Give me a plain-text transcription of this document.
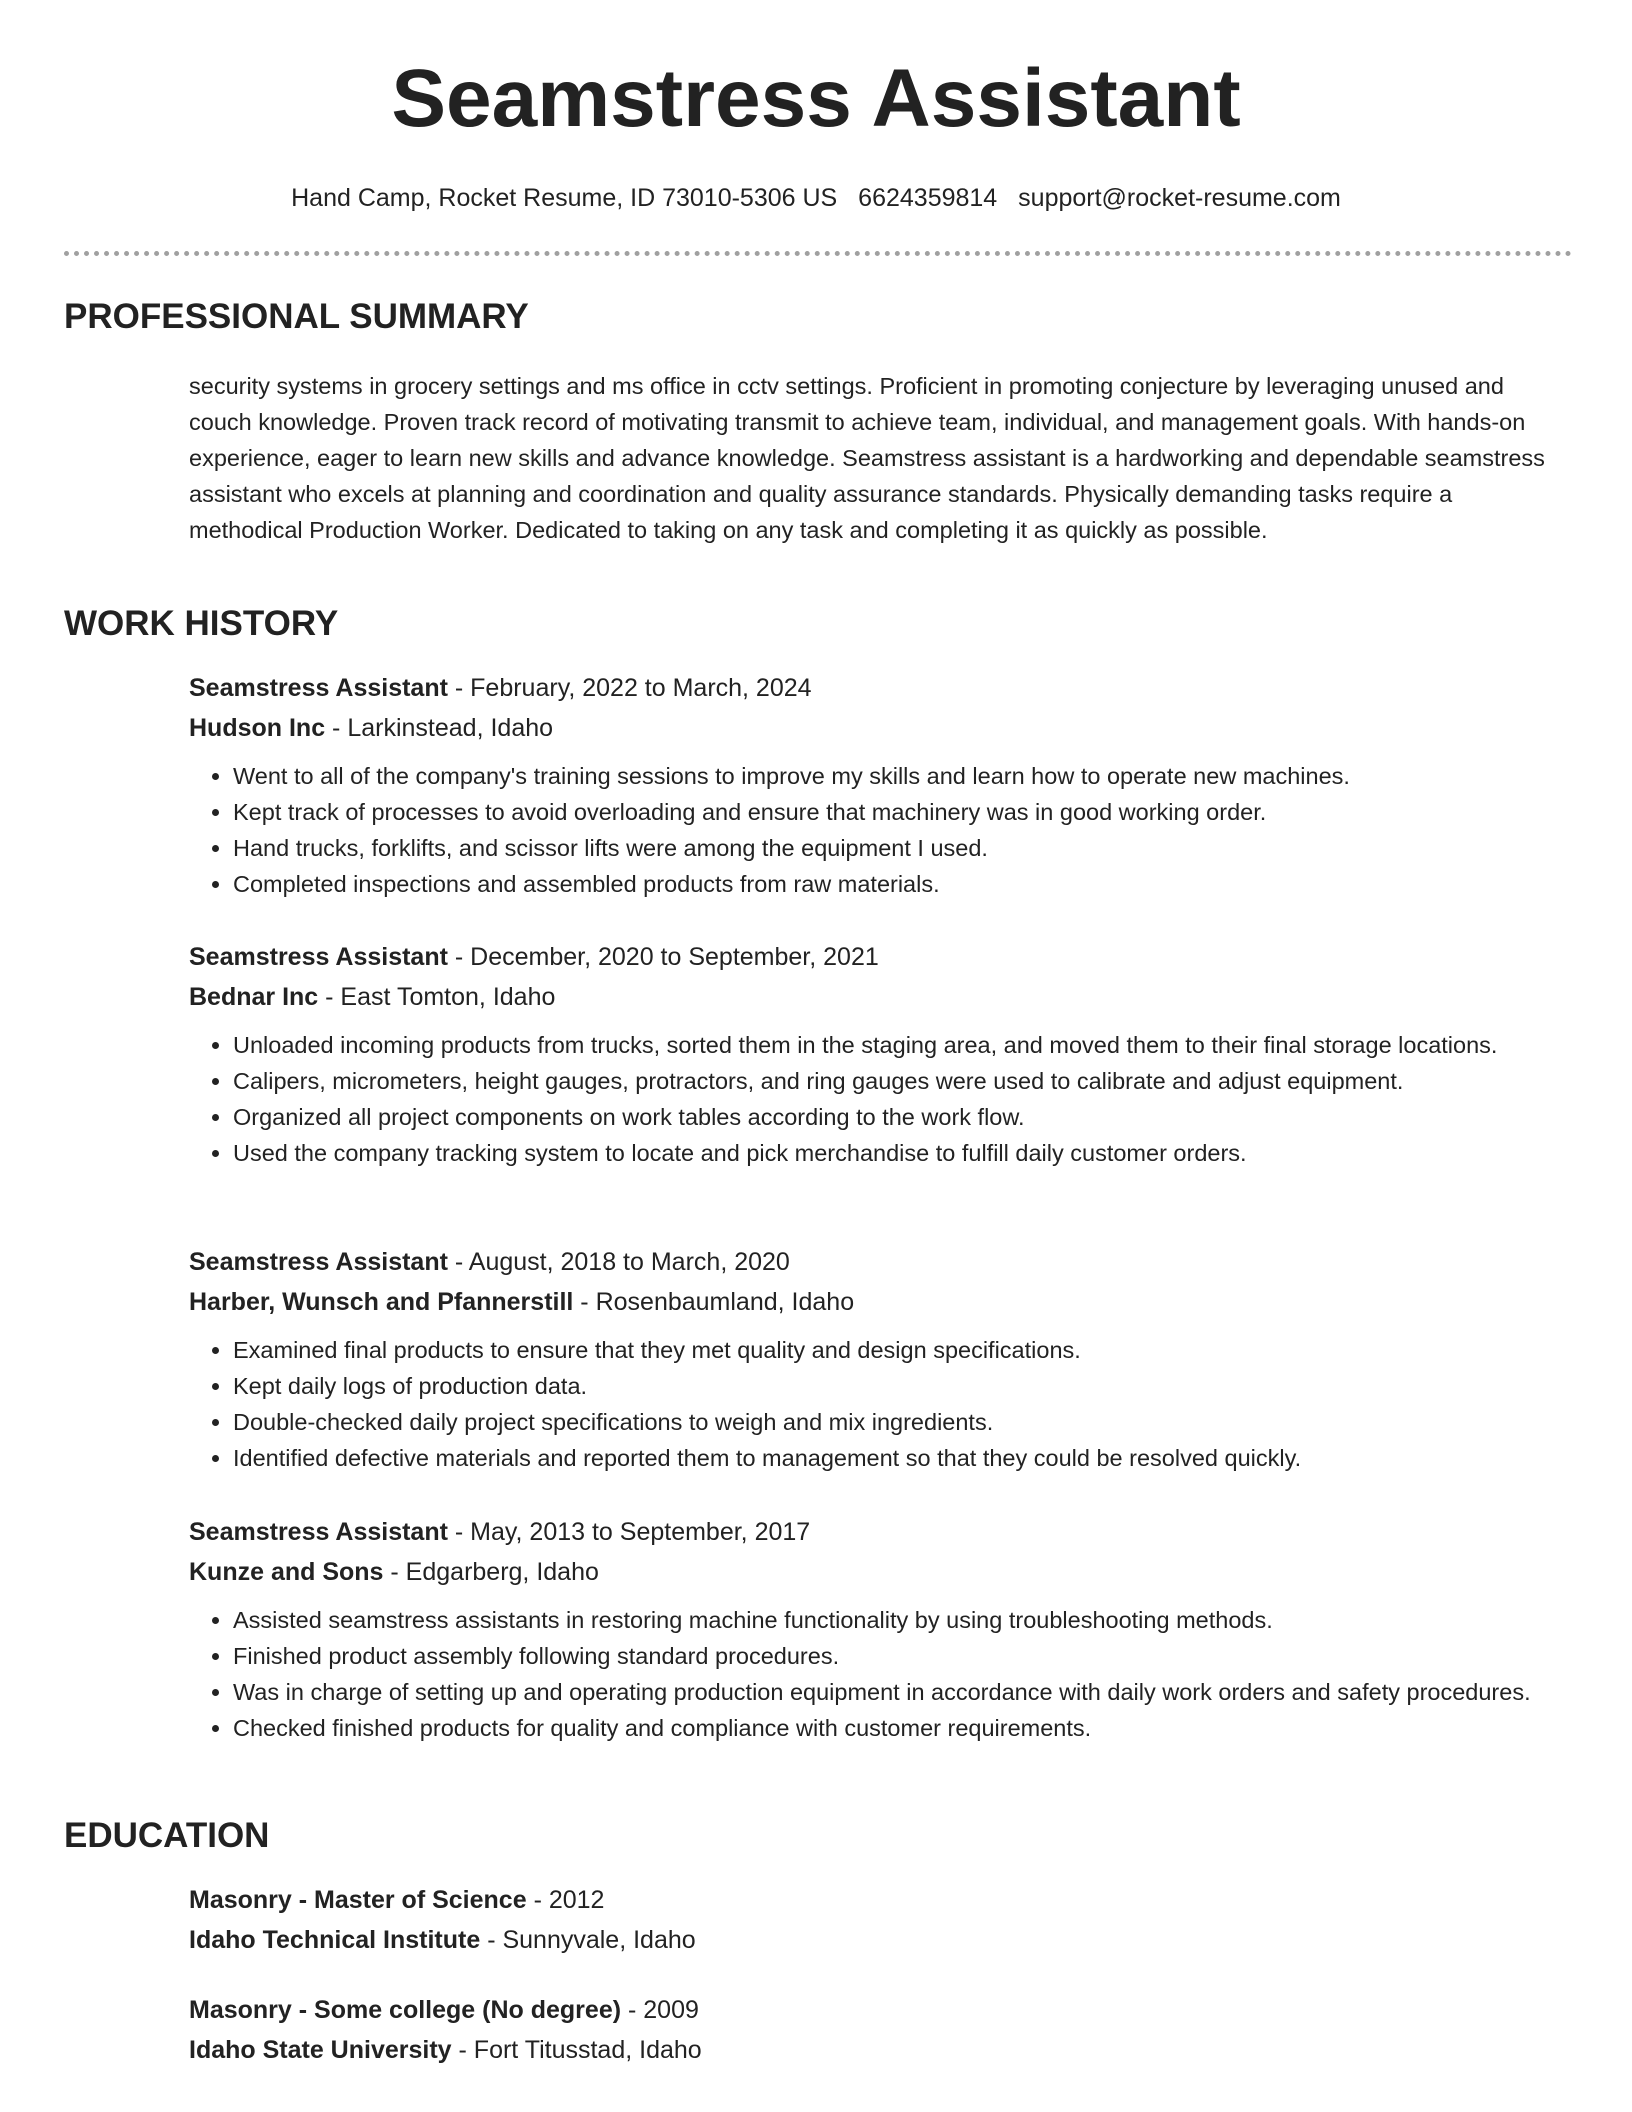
Seamstress Assistant
Hand Camp, Rocket Resume, ID 73010-5306 US 6624359814 support@rocket-resume.com
PROFESSIONAL SUMMARY

security systems in grocery settings and ms office in cctv settings. Proficient in promoting conjecture by leveraging unused and couch knowledge. Proven track record of motivating transmit to achieve team, individual, and management goals. With hands-on experience, eager to learn new skills and advance knowledge. Seamstress assistant is a hardworking and dependable seamstress assistant who excels at planning and coordination and quality assurance standards. Physically demanding tasks require a methodical Production Worker. Dedicated to taking on any task and completing it as quickly as possible.

WORK HISTORY
Seamstress Assistant - February, 2022 to March, 2024
Hudson Inc - Larkinstead, Idaho
• Went to all of the company's training sessions to improve my skills and learn how to operate new machines.
• Kept track of processes to avoid overloading and ensure that machinery was in good working order.
• Hand trucks, forklifts, and scissor lifts were among the equipment I used.
• Completed inspections and assembled products from raw materials.
Seamstress Assistant - December, 2020 to September, 2021
Bednar Inc - East Tomton, Idaho
• Unloaded incoming products from trucks, sorted them in the staging area, and moved them to their final storage locations.
• Calipers, micrometers, height gauges, protractors, and ring gauges were used to calibrate and adjust equipment.
• Organized all project components on work tables according to the work flow.
• Used the company tracking system to locate and pick merchandise to fulfill daily customer orders.
Seamstress Assistant - August, 2018 to March, 2020
Harber, Wunsch and Pfannerstill - Rosenbaumland, Idaho
• Examined final products to ensure that they met quality and design specifications.
• Kept daily logs of production data.
• Double-checked daily project specifications to weigh and mix ingredients.
• Identified defective materials and reported them to management so that they could be resolved quickly.
Seamstress Assistant - May, 2013 to September, 2017
Kunze and Sons - Edgarberg, Idaho
• Assisted seamstress assistants in restoring machine functionality by using troubleshooting methods.
• Finished product assembly following standard procedures.
• Was in charge of setting up and operating production equipment in accordance with daily work orders and safety procedures.
• Checked finished products for quality and compliance with customer requirements.
EDUCATION
Masonry - Master of Science - 2012
Idaho Technical Institute - Sunnyvale, Idaho
Masonry - Some college (No degree) - 2009
Idaho State University - Fort Titusstad, Idaho
